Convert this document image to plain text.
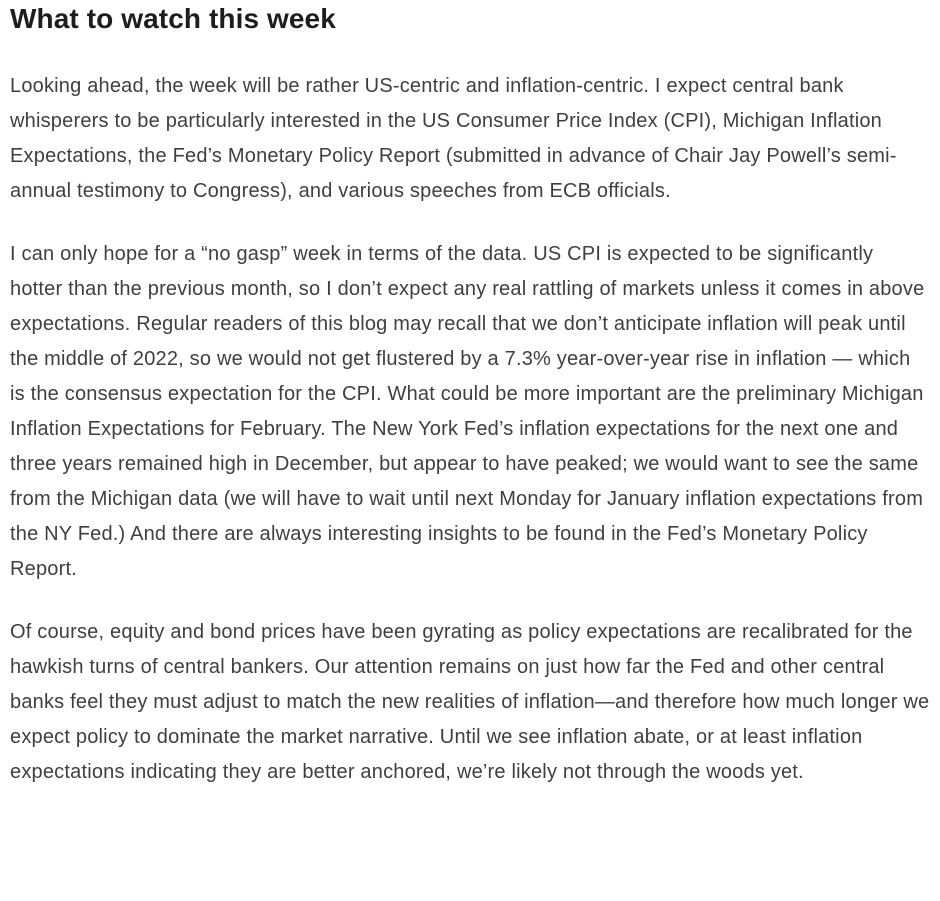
What to watch this week

Looking ahead, the week will be rather US-centric and inflation-centric. I expect central bank whisperers to be particularly interested in the US Consumer Price Index (CPI), Michigan Inflation Expectations, the Fed’s Monetary Policy Report (submitted in advance of Chair Jay Powell’s semi-annual testimony to Congress), and various speeches from ECB officials.

I can only hope for a “no gasp” week in terms of the data. US CPI is expected to be significantly hotter than the previous month, so I don’t expect any real rattling of markets unless it comes in above expectations. Regular readers of this blog may recall that we don’t anticipate inflation will peak until the middle of 2022, so we would not get flustered by a 7.3% year-over-year rise in inflation — which is the consensus expectation for the CPI. What could be more important are the preliminary Michigan Inflation Expectations for February. The New York Fed’s inflation expectations for the next one and three years remained high in December, but appear to have peaked; we would want to see the same from the Michigan data (we will have to wait until next Monday for January inflation expectations from the NY Fed.) And there are always interesting insights to be found in the Fed’s Monetary Policy Report.

Of course, equity and bond prices have been gyrating as policy expectations are recalibrated for the hawkish turns of central bankers. Our attention remains on just how far the Fed and other central banks feel they must adjust to match the new realities of inflation—and therefore how much longer we expect policy to dominate the market narrative. Until we see inflation abate, or at least inflation expectations indicating they are better anchored, we’re likely not through the woods yet.
